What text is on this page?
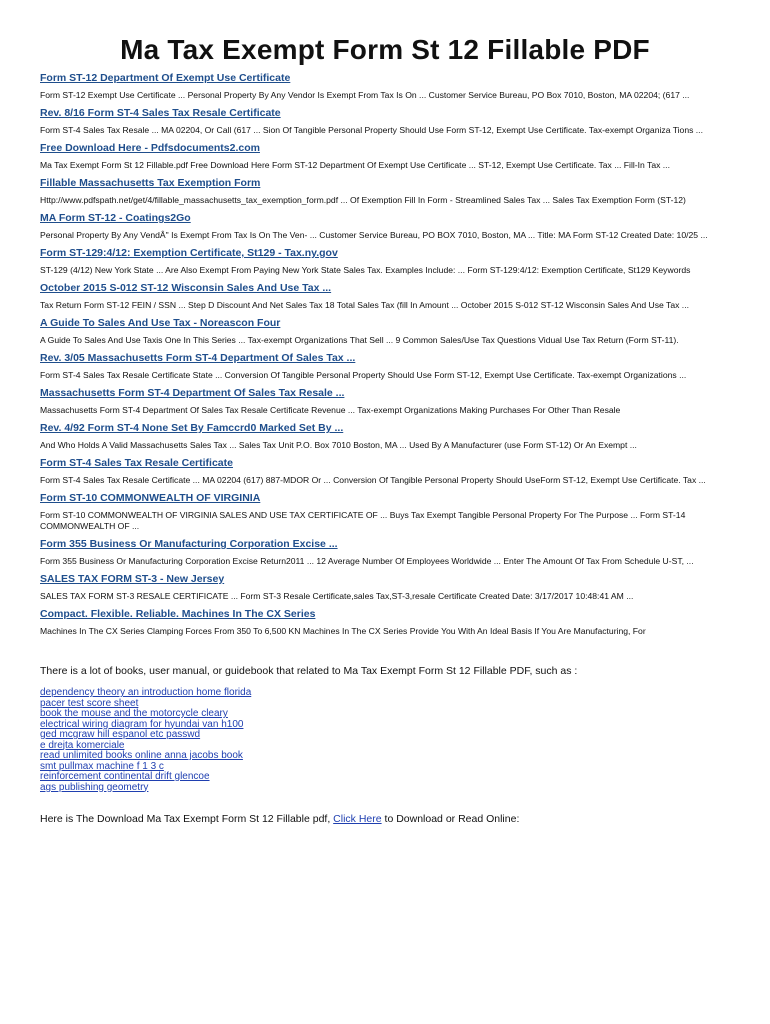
Ma Tax Exempt Form St 12 Fillable PDF
Form ST-12 Department Of Exempt Use Certificate
Form ST-12 Exempt Use Certificate ... Personal Property By Any Vendor Is Exempt From Tax Is On ... Customer Service Bureau, PO Box 7010, Boston, MA 02204; (617 ...
Rev. 8/16 Form ST-4 Sales Tax Resale Certificate
Form ST-4 Sales Tax Resale ... MA 02204, Or Call (617 ... Sion Of Tangible Personal Property Should Use Form ST-12, Exempt Use Certificate. Tax-exempt Organiza Tions ...
Free Download Here - Pdfsdocuments2.com
Ma Tax Exempt Form St 12 Fillable.pdf Free Download Here Form ST-12 Department Of Exempt Use Certificate ... ST-12, Exempt Use Certificate. Tax ... Fill-In Tax ...
Fillable Massachusetts Tax Exemption Form
Http://www.pdfspath.net/get/4/fillable_massachusetts_tax_exemption_form.pdf ... Of Exemption Fill In Form - Streamlined Sales Tax ... Sales Tax Exemption Form (ST-12)
MA Form ST-12 - Coatings2Go
Personal Property By Any VendÂ" Is Exempt From Tax Is On The Ven- ... Customer Service Bureau, PO BOX 7010, Boston, MA ... Title: MA Form ST-12 Created Date: 10/25 ...
Form ST-129:4/12: Exemption Certificate, St129 - Tax.ny.gov
ST-129 (4/12) New York State ... Are Also Exempt From Paying New York State Sales Tax. Examples Include: ... Form ST-129:4/12: Exemption Certificate, St129 Keywords
October 2015 S-012 ST-12 Wisconsin Sales And Use Tax ...
Tax Return Form ST-12 FEIN / SSN ... Step D Discount And Net Sales Tax 18 Total Sales Tax (fill In Amount ... October 2015 S-012 ST-12 Wisconsin Sales And Use Tax ...
A Guide To Sales And Use Tax - Noreascon Four
A Guide To Sales And Use Taxis One In This Series ... Tax-exempt Organizations That Sell ... 9 Common Sales/Use Tax Questions Vidual Use Tax Return (Form ST-11).
Rev. 3/05 Massachusetts Form ST-4 Department Of Sales Tax ...
Form ST-4 Sales Tax Resale Certificate State ... Conversion Of Tangible Personal Property Should Use Form ST-12, Exempt Use Certificate. Tax-exempt Organizations ...
Massachusetts Form ST-4 Department Of Sales Tax Resale ...
Massachusetts Form ST-4 Department Of Sales Tax Resale Certificate Revenue ... Tax-exempt Organizations Making Purchases For Other Than Resale
Rev. 4/92 Form ST-4 None Set By Famccrd0 Marked Set By ...
And Who Holds A Valid Massachusetts Sales Tax ... Sales Tax Unit P.O. Box 7010 Boston, MA ... Used By A Manufacturer (use Form ST-12) Or An Exempt ...
Form ST-4 Sales Tax Resale Certificate
Form ST-4 Sales Tax Resale Certificate ... MA 02204 (617) 887-MDOR Or ... Conversion Of Tangible Personal Property Should UseForm ST-12, Exempt Use Certificate. Tax ...
Form ST-10 COMMONWEALTH OF VIRGINIA
Form ST-10 COMMONWEALTH OF VIRGINIA SALES AND USE TAX CERTIFICATE OF ... Buys Tax Exempt Tangible Personal Property For The Purpose ... Form ST-14 COMMONWEALTH OF ...
Form 355 Business Or Manufacturing Corporation Excise ...
Form 355 Business Or Manufacturing Corporation Excise Return2011 ... 12 Average Number Of Employees Worldwide ... Enter The Amount Of Tax From Schedule U-ST, ...
SALES TAX FORM ST-3 - New Jersey
SALES TAX FORM ST-3 RESALE CERTIFICATE ... Form ST-3 Resale Certificate,sales Tax,ST-3,resale Certificate Created Date: 3/17/2017 10:48:41 AM ...
Compact. Flexible. Reliable. Machines In The CX Series
Machines In The CX Series Clamping Forces From 350 To 6,500 KN Machines In The CX Series Provide You With An Ideal Basis If You Are Manufacturing, For
There is a lot of books, user manual, or guidebook that related to Ma Tax Exempt Form St 12 Fillable PDF, such as :
dependency theory an introduction home florida
pacer test score sheet
book the mouse and the motorcycle cleary
electrical wiring diagram for hyundai van h100
ged mcgraw hill espanol etc passwd
e drejta komerciale
read unlimited books online anna jacobs book
smt pullmax machine f 1 3 c
reinforcement continental drift glencoe
ags publishing geometry
Here is The Download Ma Tax Exempt Form St 12 Fillable pdf, Click Here to Download or Read Online:
